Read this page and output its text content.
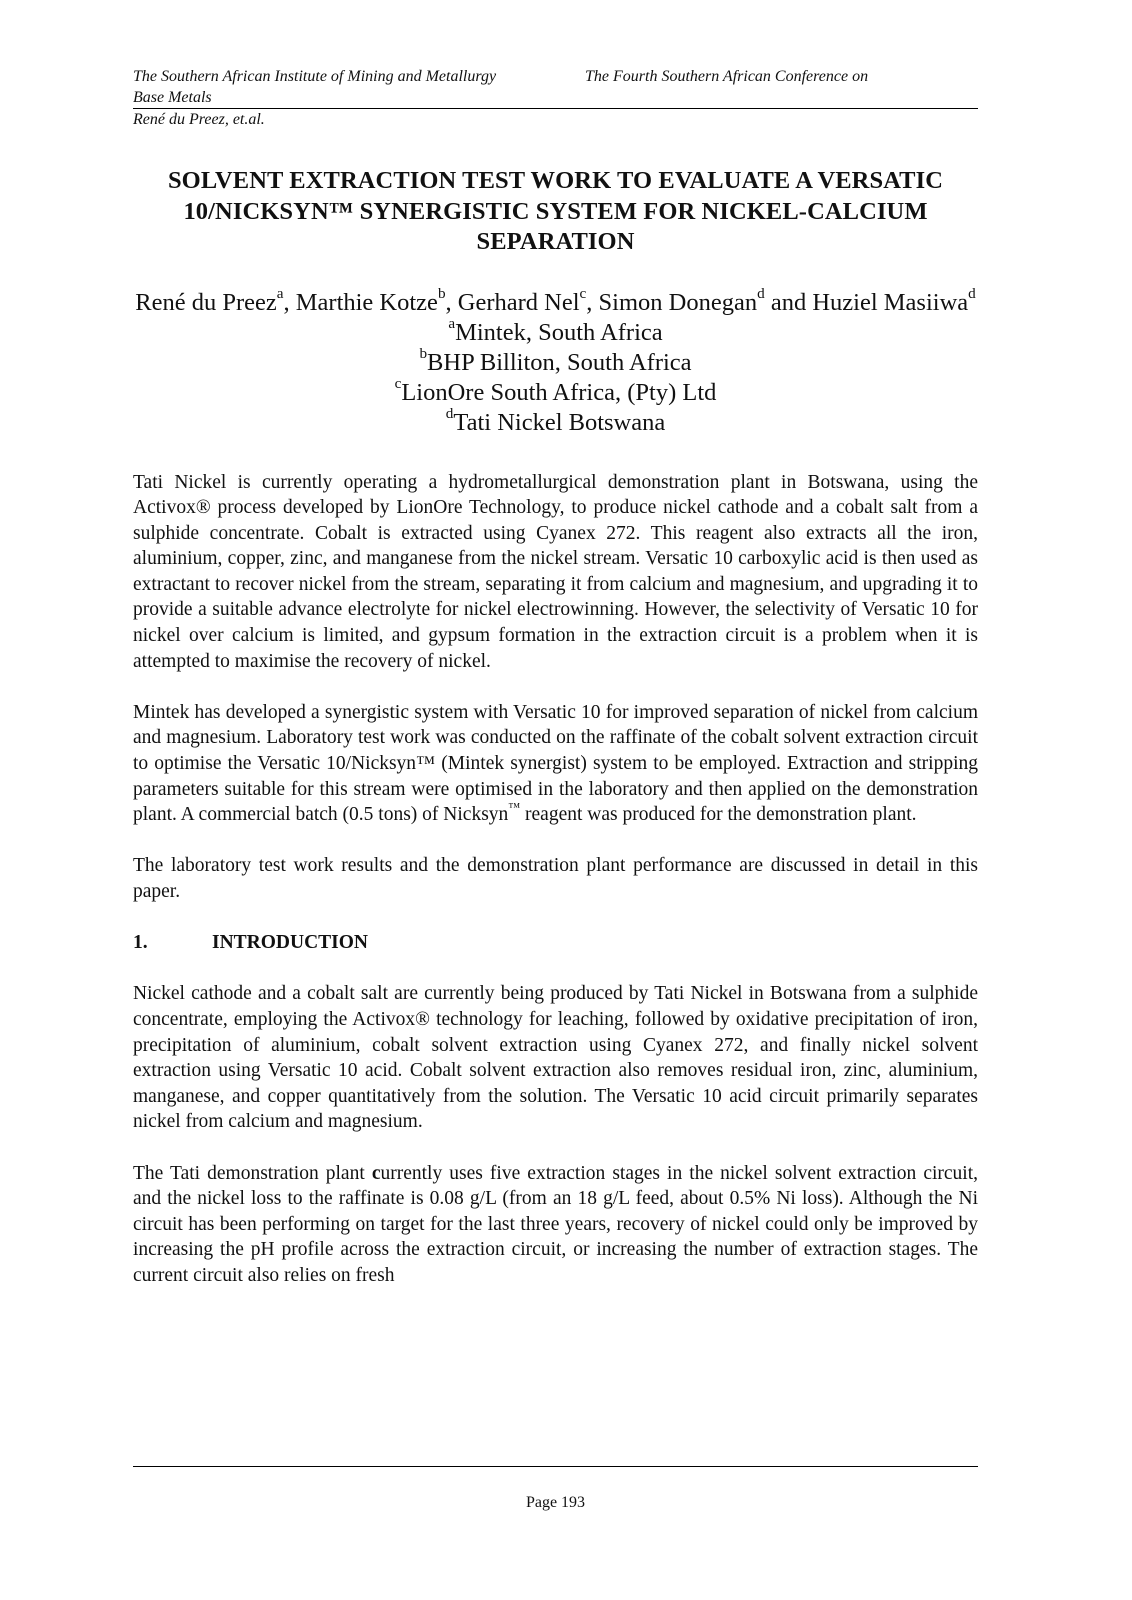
The Southern African Institute of Mining and Metallurgy	The Fourth Southern African Conference on
Base Metals
René du Preez, et.al.
SOLVENT EXTRACTION TEST WORK TO EVALUATE A VERSATIC
10/NICKSYN™ SYNERGISTIC SYSTEM FOR NICKEL-CALCIUM
SEPARATION
René du Preez$^a$, Marthie Kotze$^b$, Gerhard Nel$^c$, Simon Donegan$^d$ and Huziel Masiiwa$^d$
$^a$Mintek, South Africa
$^b$BHP Billiton, South Africa
$^c$LionOre South Africa, (Pty) Ltd
$^d$Tati Nickel Botswana

Tati Nickel is currently operating a hydrometallurgical demonstration plant in Botswana, using the Activox® process developed by LionOre Technology, to produce nickel cathode and a cobalt salt from a sulphide concentrate. Cobalt is extracted using Cyanex 272. This reagent also extracts all the iron, aluminium, copper, zinc, and manganese from the nickel stream. Versatic 10 carboxylic acid is then used as extractant to recover nickel from the stream, separating it from calcium and magnesium, and upgrading it to provide a suitable advance electrolyte for nickel electrowinning. However, the selectivity of Versatic 10 for nickel over calcium is limited, and gypsum formation in the extraction circuit is a problem when it is attempted to maximise the recovery of nickel.

Mintek has developed a synergistic system with Versatic 10 for improved separation of nickel from calcium and magnesium. Laboratory test work was conducted on the raffinate of the cobalt solvent extraction circuit to optimise the Versatic 10/Nicksyn™ (Mintek synergist) system to be employed. Extraction and stripping parameters suitable for this stream were optimised in the laboratory and then applied on the demonstration plant. A commercial batch (0.5 tons) of Nicksyn™ reagent was produced for the demonstration plant.

The laboratory test work results and the demonstration plant performance are discussed in detail in this paper.

1.	INTRODUCTION

Nickel cathode and a cobalt salt are currently being produced by Tati Nickel in Botswana from a sulphide concentrate, employing the Activox® technology for leaching, followed by oxidative precipitation of iron, precipitation of aluminium, cobalt solvent extraction using Cyanex 272, and finally nickel solvent extraction using Versatic 10 acid. Cobalt solvent extraction also removes residual iron, zinc, aluminium, manganese, and copper quantitatively from the solution. The Versatic 10 acid circuit primarily separates nickel from calcium and magnesium.

The Tati demonstration plant currently uses five extraction stages in the nickel solvent extraction circuit, and the nickel loss to the raffinate is 0.08 g/L (from an 18 g/L feed, about 0.5% Ni loss). Although the Ni circuit has been performing on target for the last three years, recovery of nickel could only be improved by increasing the pH profile across the extraction circuit, or increasing the number of extraction stages. The current circuit also relies on fresh

Page 193
